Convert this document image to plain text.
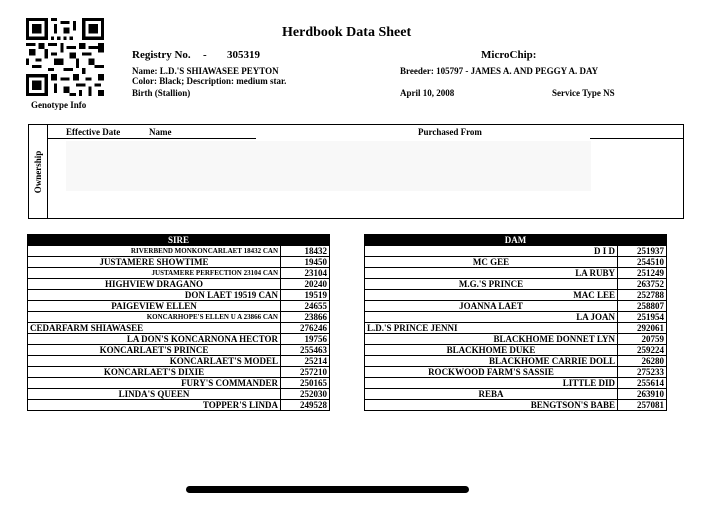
Genotype Info
Herdbook Data Sheet
Registry No. - 305319	MicroChip:
Name: L.D.'S SHIAWASEE PEYTON
Color: Black; Description: medium star.
Birth (Stallion)
Breeder: 105797 - JAMES A. AND PEGGY A. DAY
April 10, 2008	Service Type NS
Ownership
Effective Date	Name	Purchased From
SIRE	
RIVERBEND MONKONCARLAET 18432 CAN	18432
JUSTAMERE SHOWTIME	19450
JUSTAMERE PERFECTION 23104 CAN	23104
HIGHVIEW DRAGANO	20240
DON LAET 19519 CAN	19519
PAIGEVIEW ELLEN	24655
KONCARHOPE'S ELLEN U A 23866 CAN	23866
CEDARFARM SHIAWASEE	276246
LA DON'S KONCARNONA HECTOR	19756
KONCARLAET'S PRINCE	255463
KONCARLAET'S MODEL	25214
KONCARLAET'S DIXIE	257210
FURY'S COMMANDER	250165
LINDA'S QUEEN	252030
TOPPER'S LINDA	249528
DAM	
D I D	251937
MC GEE	254510
LA RUBY	251249
M.G.'S PRINCE	263752
MAC LEE	252788
JOANNA LAET	258807
LA JOAN	251954
L.D.'S PRINCE JENNI	292061
BLACKHOME DONNET LYN	20759
BLACKHOME DUKE	259224
BLACKHOME CARRIE DOLL	26280
ROCKWOOD FARM'S SASSIE	275233
LITTLE DID	255614
REBA	263910
BENGTSON'S BABE	257081
